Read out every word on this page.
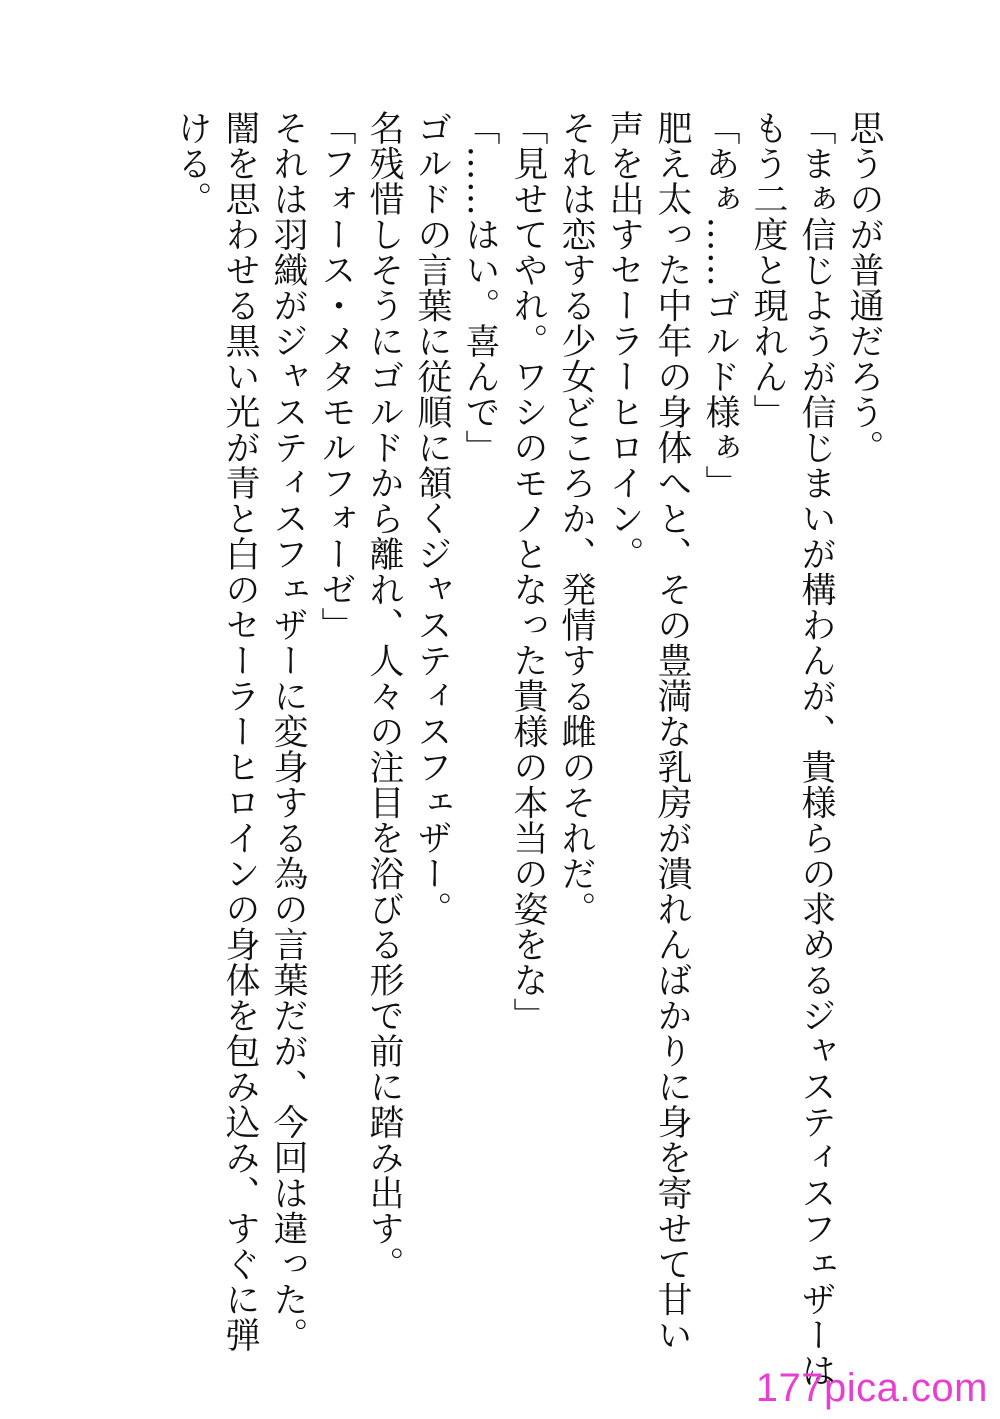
思うのが普通だろう。
「まぁ信じようが信じまいが構わんが、貴様らの求めるジャスティスフェザーは
もう二度と現れん」
「あぁ……ゴルド様ぁ」
肥え太った中年の身体へと、その豊満な乳房が潰れんばかりに身を寄せて甘い
声を出すセーラーヒロイン。
それは恋する少女どころか、発情する雌のそれだ。
「見せてやれ。ワシのモノとなった貴様の本当の姿をな」
「……はい。喜んで」
ゴルドの言葉に従順に頷くジャスティスフェザー。
名残惜しそうにゴルドから離れ、人々の注目を浴びる形で前に踏み出す。
「フォース・メタモルフォーゼ」
それは羽織がジャスティスフェザーに変身する為の言葉だが、今回は違った。
闇を思わせる黒い光が青と白のセーラーヒロインの身体を包み込み、すぐに弾
ける。
177pica.com
